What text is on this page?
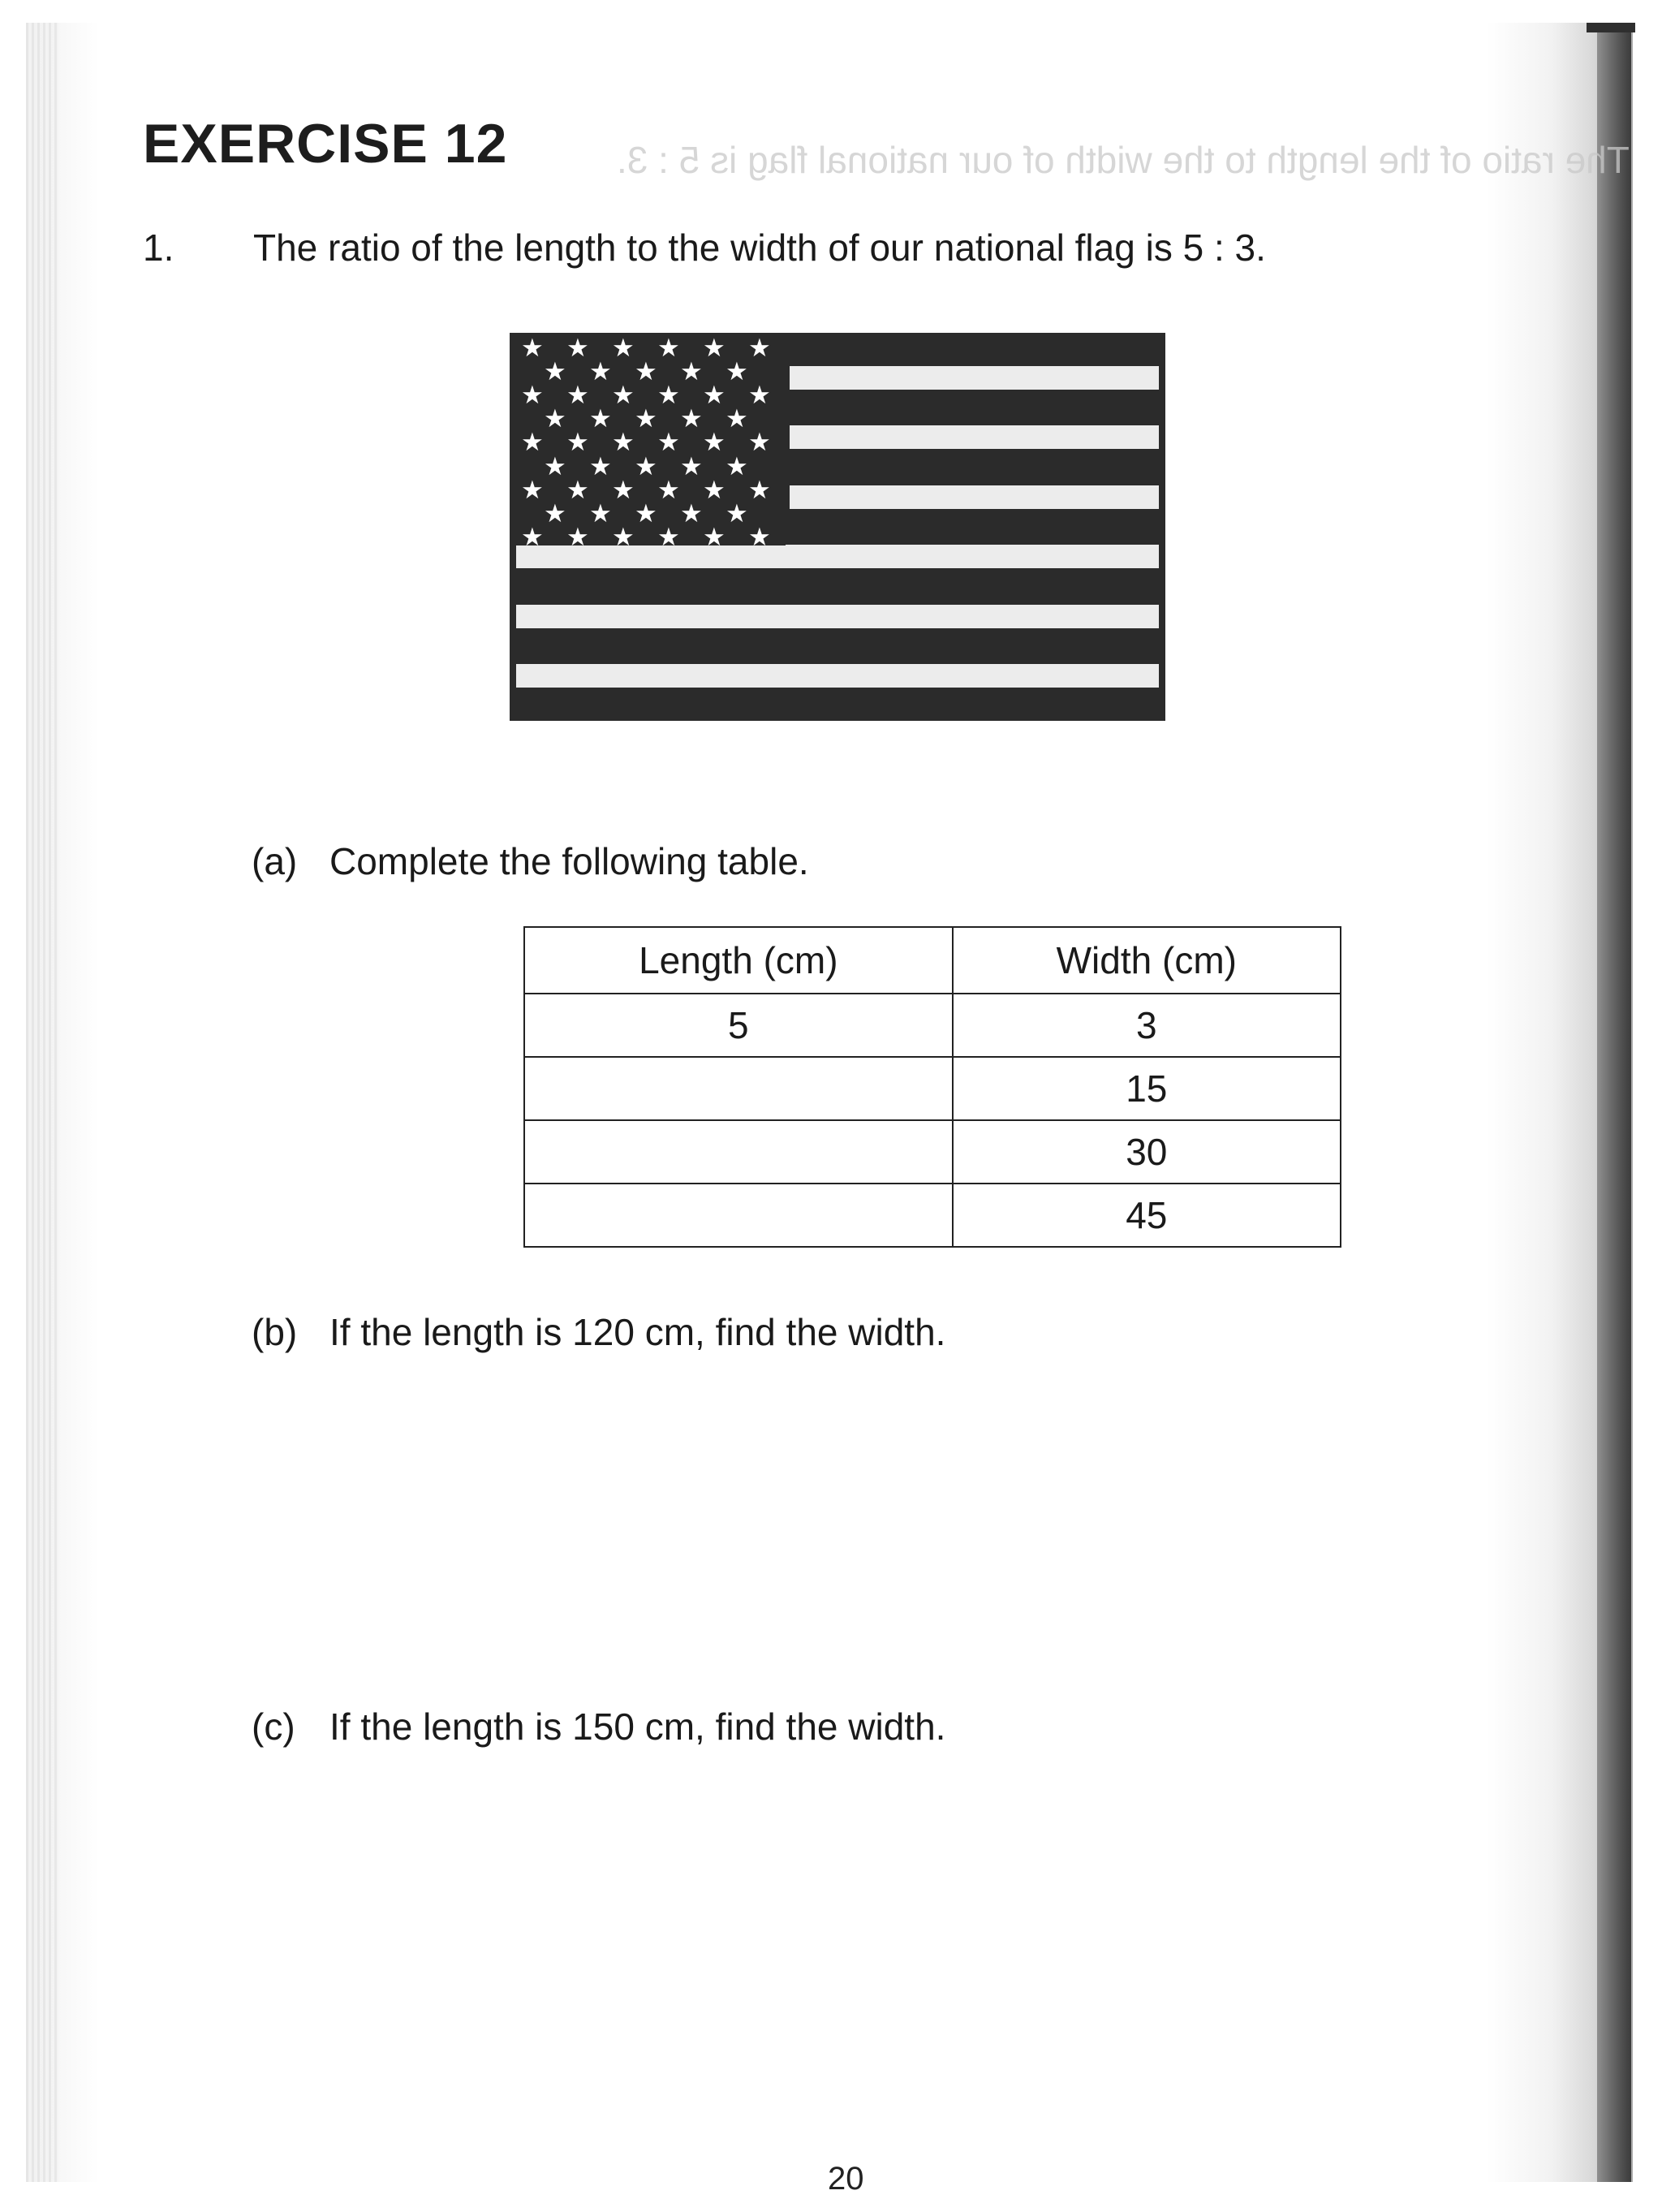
The ratio of the length to the width of our national flag is 5 : 3.
EXERCISE 12
1. The ratio of the length to the width of our national flag is 5 : 3.
★ ★ ★ ★ ★ ★
★ ★ ★ ★ ★
★ ★ ★ ★ ★ ★
★ ★ ★ ★ ★
★ ★ ★ ★ ★ ★
★ ★ ★ ★ ★
★ ★ ★ ★ ★ ★
★ ★ ★ ★ ★
★ ★ ★ ★ ★ ★
(a) Complete the following table.
Length (cm)	Width (cm)
5	3
	15
	30
	45
(b) If the length is 120 cm, find the width.
(c) If the length is 150 cm, find the width.
20
